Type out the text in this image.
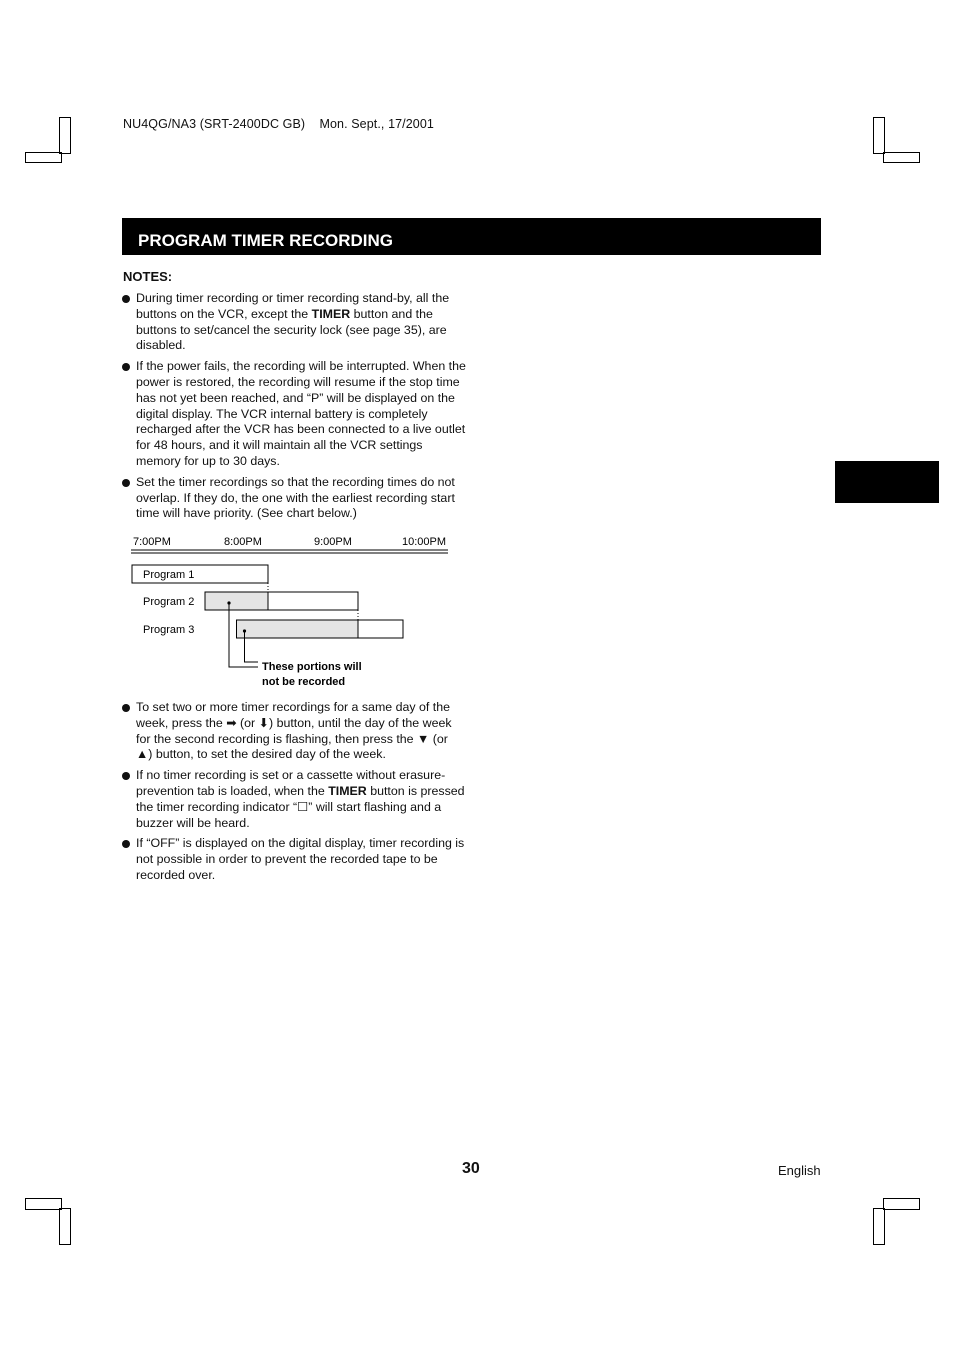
NU4QG/NA3 (SRT-2400DC GB)    Mon. Sept., 17/2001
PROGRAM TIMER RECORDING
NOTES:
During timer recording or timer recording stand-by, all the buttons on the VCR, except the TIMER button and the buttons to set/cancel the security lock (see page 35), are disabled.
If the power fails, the recording will be interrupted. When the power is restored, the recording will resume if the stop time has not yet been reached, and “P” will be displayed on the digital display. The VCR internal battery is completely recharged after the VCR has been connected to a live outlet for 48 hours, and it will maintain all the VCR settings memory for up to 30 days.
Set the timer recordings so that the recording times do not overlap. If they do, the one with the earliest recording start time will have priority. (See chart below.)
7:00PM	8:00PM	9:00PM	10:00PM
Program 1
Program 2
Program 3
These portions will
not be recorded
To set two or more timer recordings for a same day of the week, press the ➡ (or ⬇) button, until the day of the week for the second recording is flashing, then press the ▼ (or ▲) button, to set the desired day of the week.
If no timer recording is set or a cassette without erasure-prevention tab is loaded, when the TIMER button is pressed the timer recording indicator “☐” will start flashing and a buzzer will be heard.
If “OFF” is displayed on the digital display, timer recording is not possible in order to prevent the recorded tape to be recorded over.
30	English
